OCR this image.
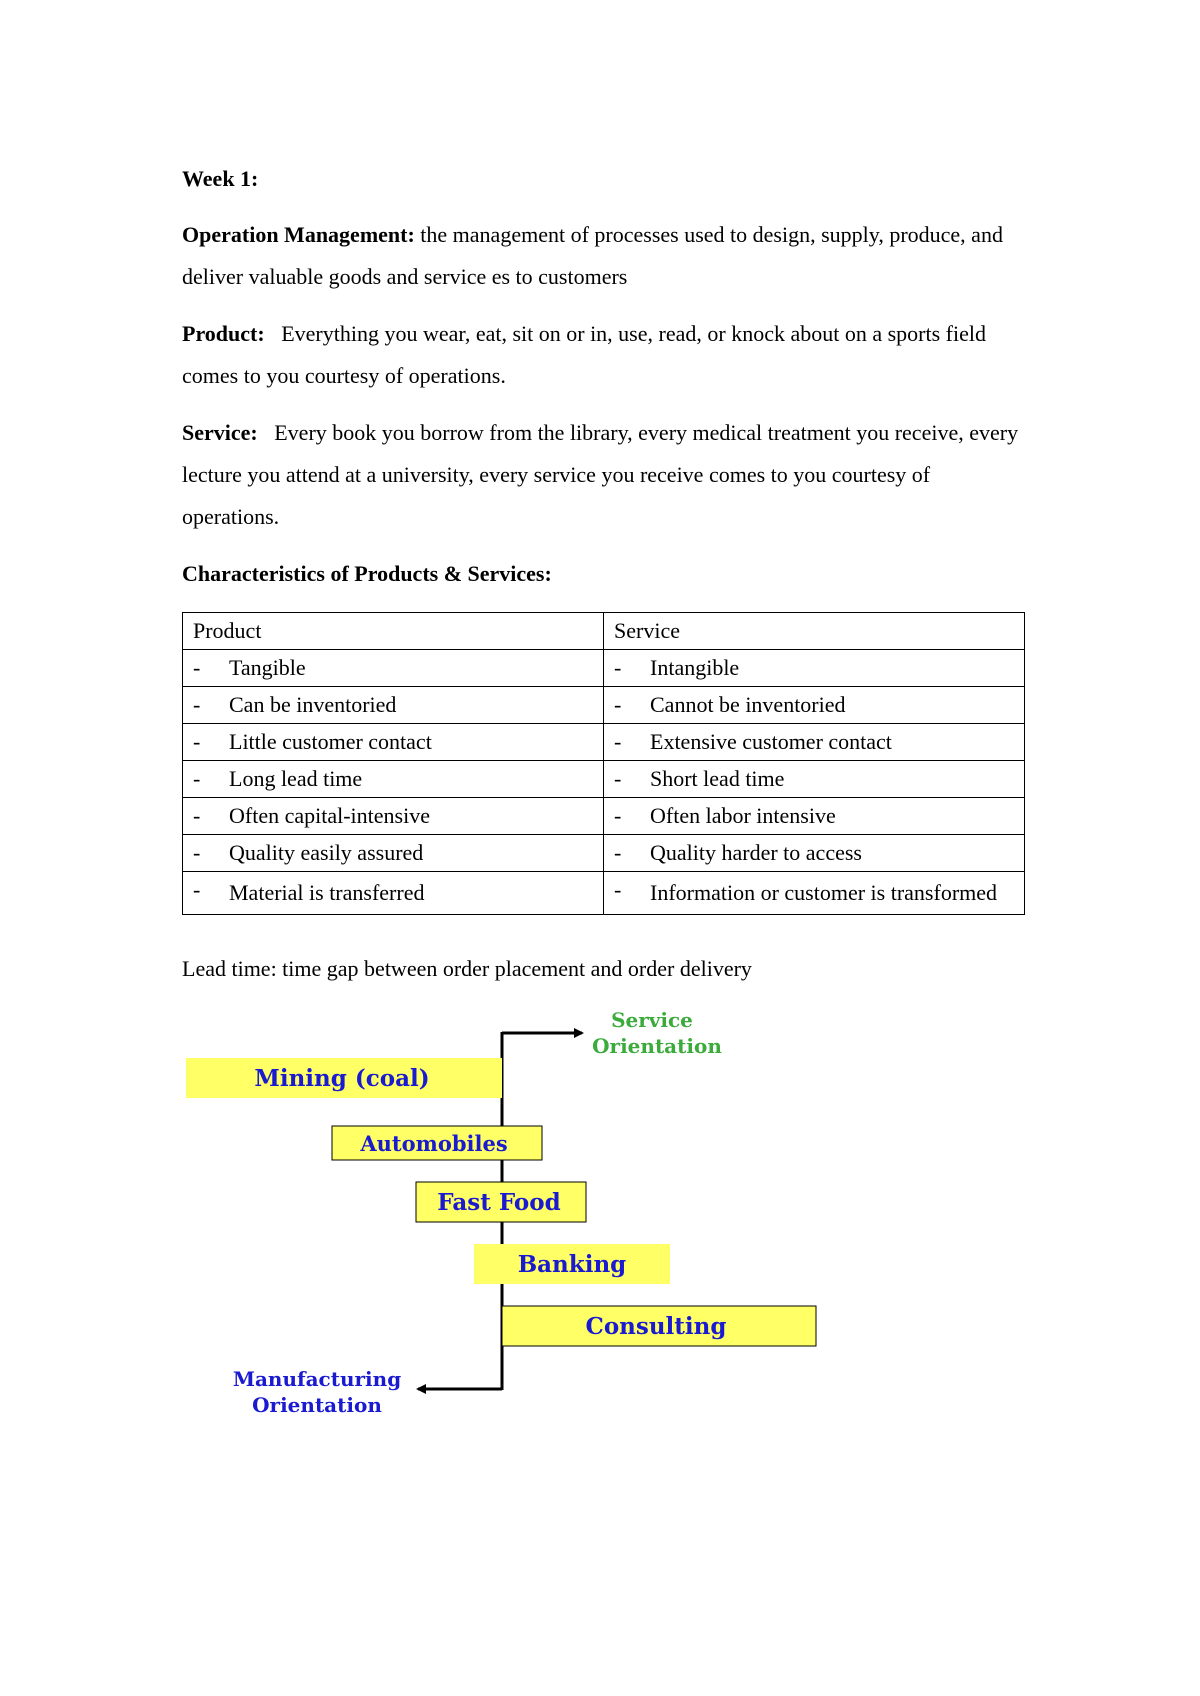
Week 1:

Operation Management: the management of processes used to design, supply, produce, and deliver valuable goods and service es to customers

Product:   Everything you wear, eat, sit on or in, use, read, or knock about on a sports field comes to you courtesy of operations.

Service:   Every book you borrow from the library, every medical treatment you receive, every lecture you attend at a university, every service you receive comes to you courtesy of operations.

Characteristics of Products & Services:

Product	Service

- Tangible	- Intangible

- Can be inventoried	- Cannot be inventoried

- Little customer contact	- Extensive customer contact

- Long lead time	- Short lead time

- Often capital-intensive	- Often labor intensive

- Quality easily assured	- Quality harder to access

- Material is transferred	- Information or customer is transformed

Lead time: time gap between order placement and order delivery

Mining (coal)
Automobiles
Fast Food
Banking
Consulting
Service
Orientation
Manufacturing
Orientation
